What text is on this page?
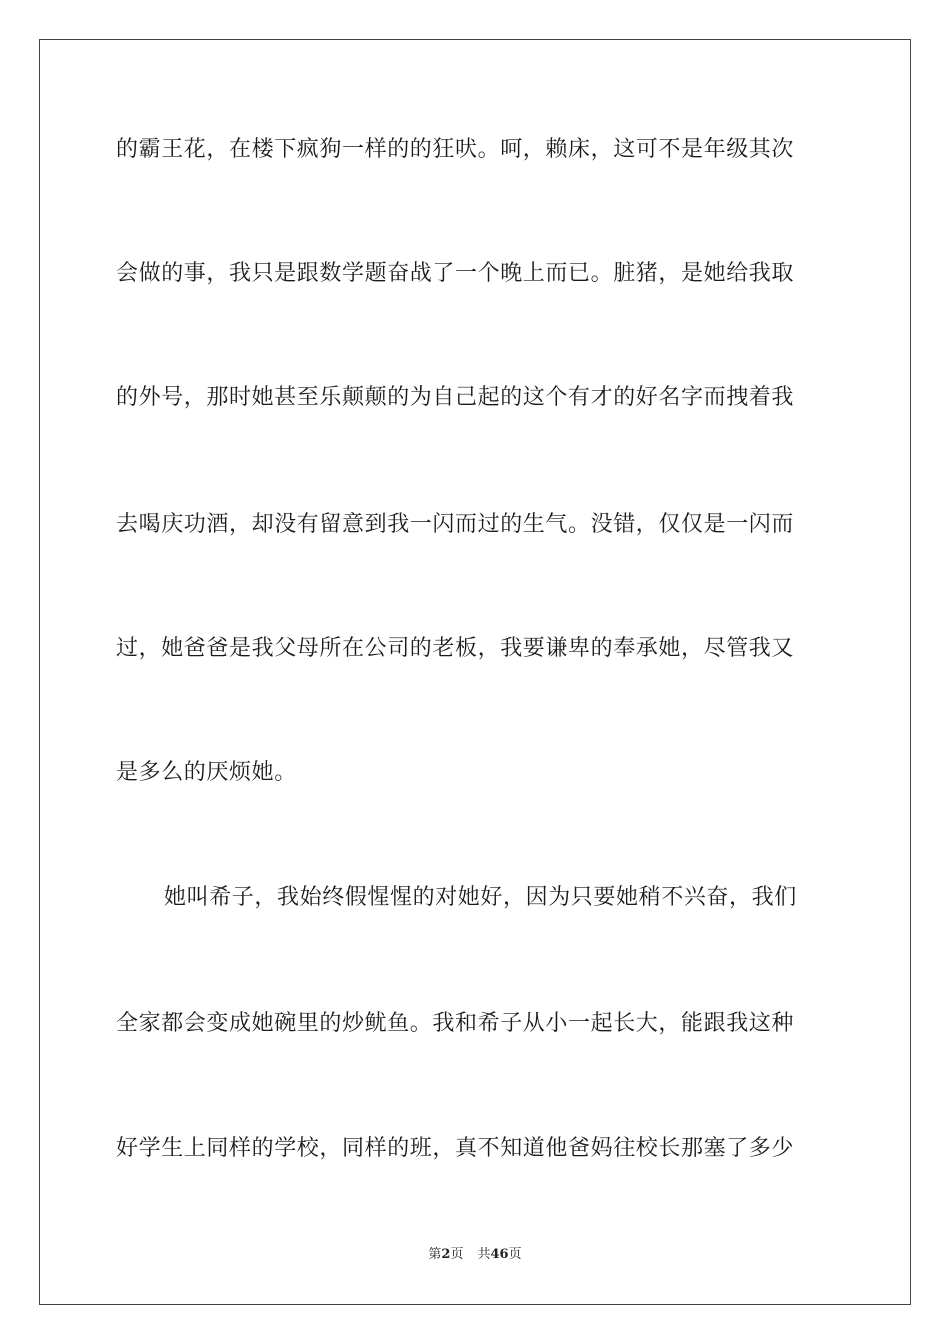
的霸王花，在楼下疯狗一样的的狂吠。呵，赖床，这可不是年级其次
会做的事，我只是跟数学题奋战了一个晚上而已。脏猪，是她给我取
的外号，那时她甚至乐颠颠的为自己起的这个有才的好名字而拽着我
去喝庆功酒，却没有留意到我一闪而过的生气。没错，仅仅是一闪而
过，她爸爸是我父母所在公司的老板，我要谦卑的奉承她，尽管我又
是多么的厌烦她。
她叫希子，我始终假惺惺的对她好，因为只要她稍不兴奋，我们
全家都会变成她碗里的炒鱿鱼。我和希子从小一起长大，能跟我这种
好学生上同样的学校，同样的班，真不知道他爸妈往校长那塞了多少
第2页 共46页
